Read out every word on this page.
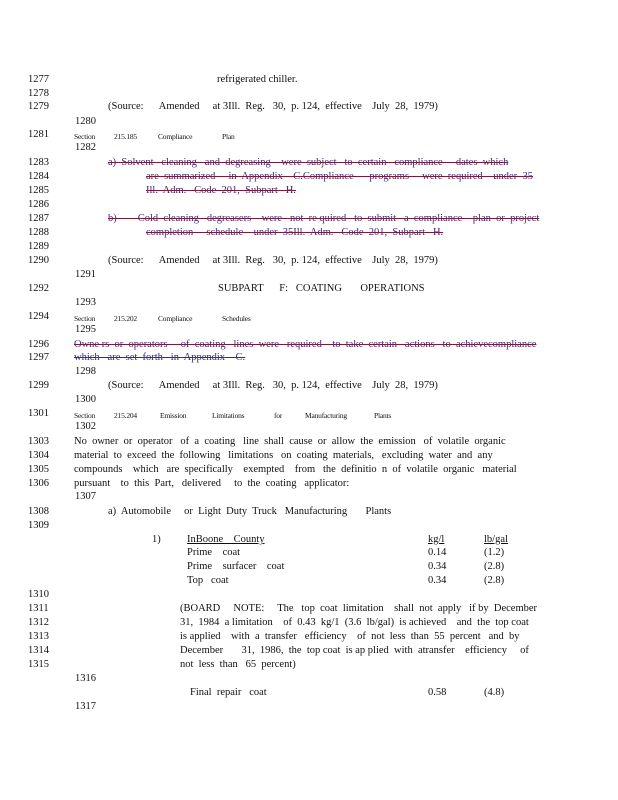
1277
1278
1279
1280
1281
1282
1283
1284
1285
1286
1287
1288
1289
1290
1291
1292
1293
1294
1295
1296
1297
1298
1299
1300
1301
1302
1303
1304
1305
1306
1307
1308
1309
1310
1311
1312
1313
1314
1315
1316
1317
refrigerated chiller.
(Source:      Amended     at 3Ill.  Reg.   30,  p. 124,  effective    July  28,  1979)
Section	215.185	Compliance	Plan
a)  Solvent   cleaning   and  degreasing    were  subject   to  certain   compliance     dates  which
are  summarized     in  Appendix    C.Compliance      programs     were  required    under  35
Ill.  Adm.   Code  201,  Subpart   H.
b)        Cold  cleaning   degreasers    were   not  re quired   to  submit   a  compliance    plan  or  project
completion     schedule    under  35Ill.  Adm.   Code  201,  Subpart   H.
(Source:      Amended     at 3Ill.  Reg.   30,  p. 124,  effective    July  28,  1979)
SUBPART      F:   COATING       OPERATIONS
Section	215.202	Compliance	Schedules
Owne rs  or  operators     of  coating   lines  were   required    to  take  certain   actions   to  achievecompliance
which   are  set  forth   in  Appendix    C.
(Source:      Amended     at 3Ill.  Reg.   30,  p. 124,  effective    July  28,  1979)
Section	215.204	Emission	Limitations	for	Manufacturing	Plants
No  owner  or  operator   of  a  coating   line  shall  cause  or  allow  the  emission   of  volatile  organic
material  to  exceed  the  following   limitations   on  coating  materials,   excluding  water  and  any
compounds    which   are  specifically    exempted    from   the  definitio  n  of  volatile  organic   material
pursuant    to  this  Part,   delivered     to  the  coating   applicator:
a)  Automobile     or  Light  Duty  Truck   Manufacturing       Plants
1)	InBoone    County	kg/l	lb/gal
Prime    coat	0.14	(1.2)
Prime    surfacer    coat	0.34	(2.8)
Top   coat	0.34	(2.8)
(BOARD     NOTE:     The   top  coat  limitation    shall  not  apply   if by  December
31,  1984  a limitation    of  0.43  kg/1  (3.6  lb/gal)  is achieved    and  the  top coat
is applied    with  a  transfer   efficiency    of  not  less  than  55  percent   and  by
December       31,  1986,  the  top coat  is ap plied  with  atransfer    efficiency     of
not  less  than   65  percent)
Final  repair   coat	0.58	(4.8)
